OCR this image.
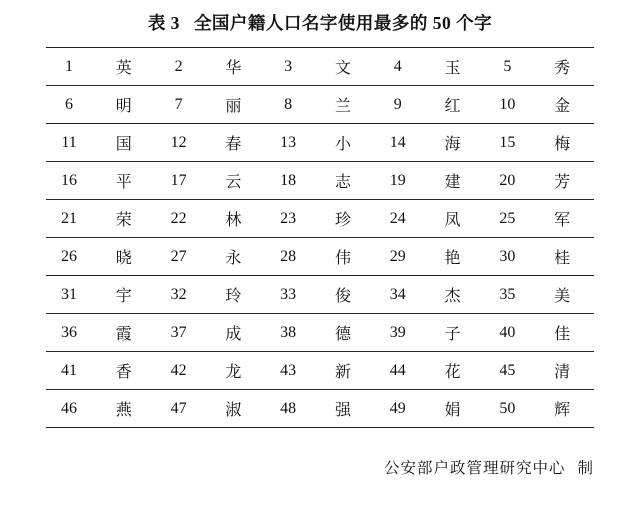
表 3 全国户籍人口名字使用最多的 50 个字
1	英	2	华	3	文	4	玉	5	秀
6	明	7	丽	8	兰	9	红	10	金
11	国	12	春	13	小	14	海	15	梅
16	平	17	云	18	志	19	建	20	芳
21	荣	22	林	23	珍	24	凤	25	军
26	晓	27	永	28	伟	29	艳	30	桂
31	宇	32	玲	33	俊	34	杰	35	美
36	霞	37	成	38	德	39	子	40	佳
41	香	42	龙	43	新	44	花	45	清
46	燕	47	淑	48	强	49	娟	50	辉
公安部户政管理研究中心 制
